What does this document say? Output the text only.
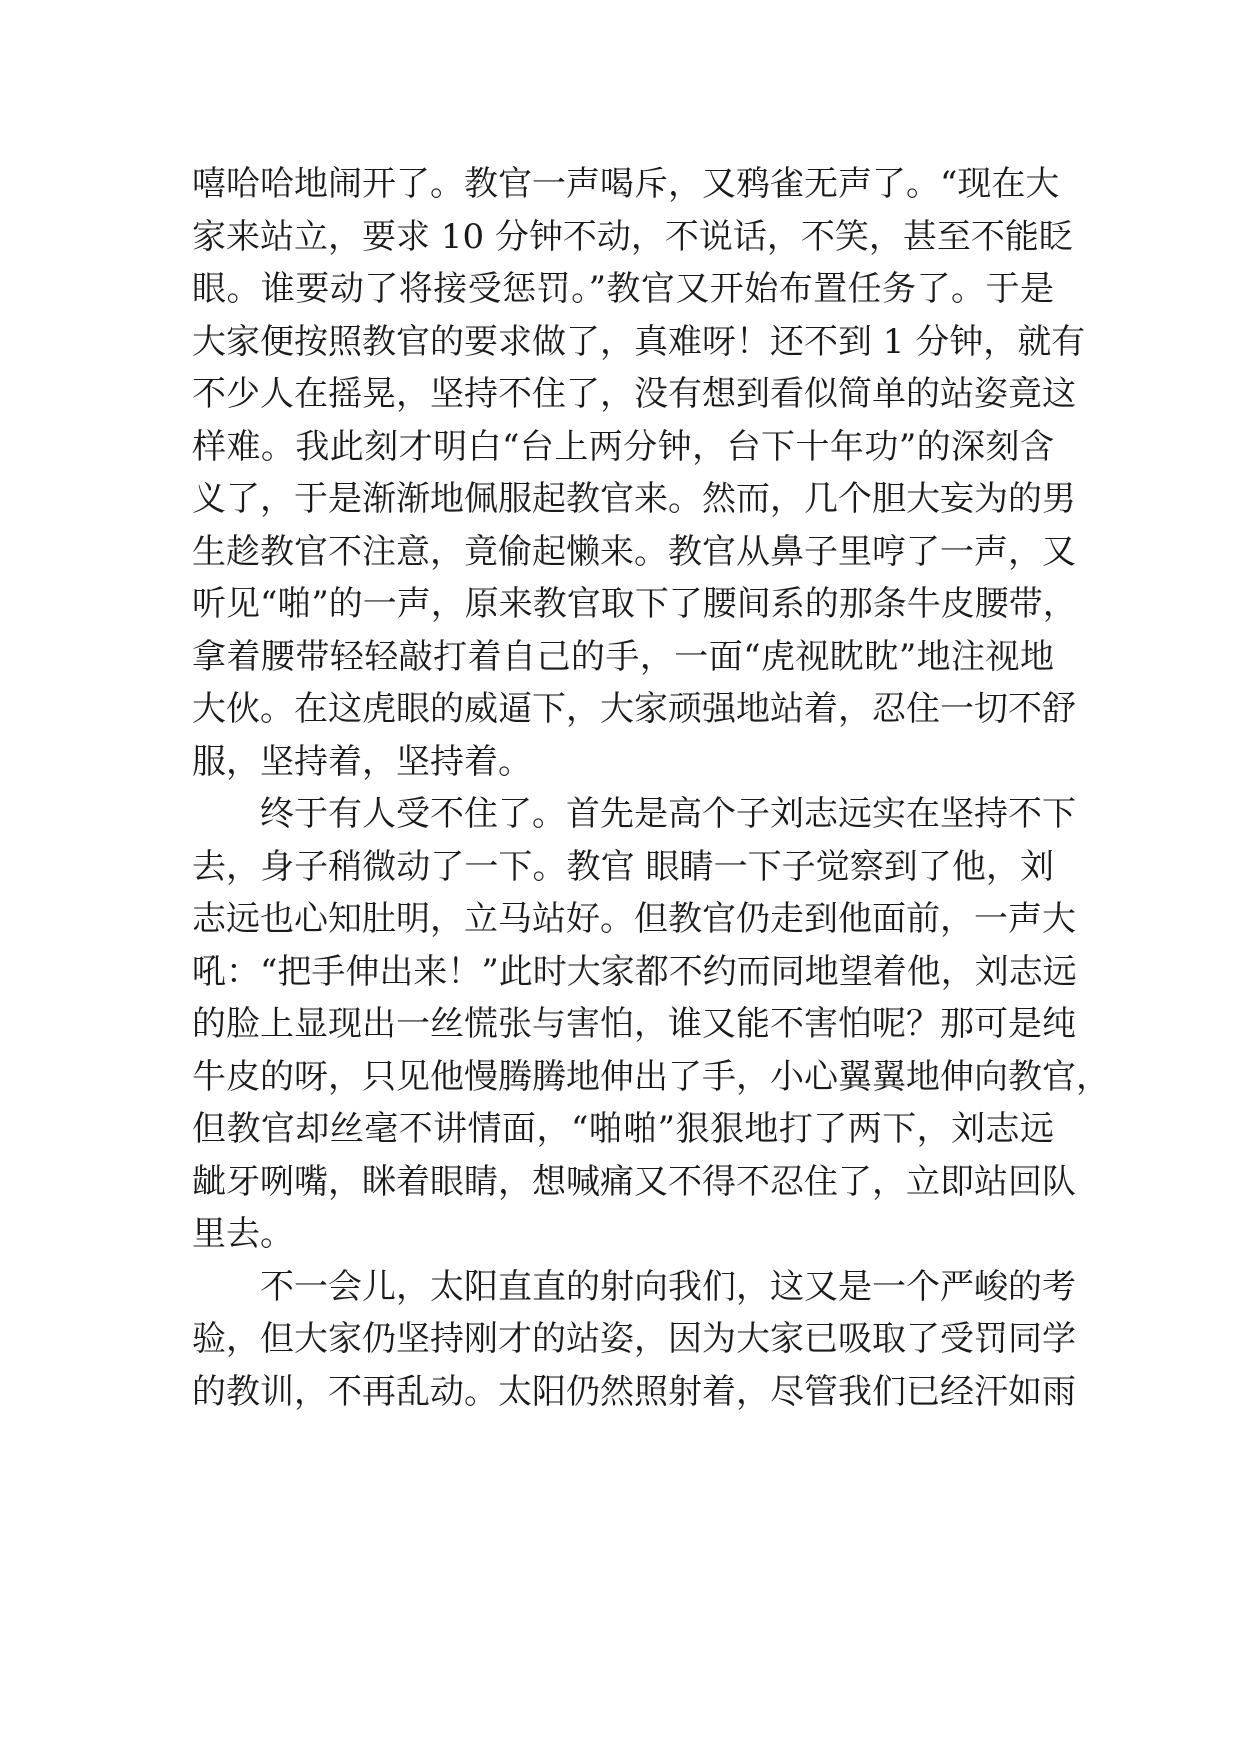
嘻哈哈地闹开了。教官一声喝斥，又鸦雀无声了。“现在大
家来站立，要求 10 分钟不动，不说话，不笑，甚至不能眨
眼。谁要动了将接受惩罚。”教官又开始布置任务了。于是
大家便按照教官的要求做了，真难呀！还不到 1 分钟，就有
不少人在摇晃，坚持不住了，没有想到看似简单的站姿竟这
样难。我此刻才明白“台上两分钟，台下十年功”的深刻含
义了，于是渐渐地佩服起教官来。然而，几个胆大妄为的男
生趁教官不注意，竟偷起懒来。教官从鼻子里哼了一声，又
听见“啪”的一声，原来教官取下了腰间系的那条牛皮腰带，
拿着腰带轻轻敲打着自己的手，一面“虎视眈眈”地注视地
大伙。在这虎眼的威逼下，大家顽强地站着，忍住一切不舒
服，坚持着，坚持着。
　　终于有人受不住了。首先是高个子刘志远实在坚持不下
去，身子稍微动了一下。教官 眼睛一下子觉察到了他，刘
志远也心知肚明，立马站好。但教官仍走到他面前，一声大
吼：“把手伸出来！”此时大家都不约而同地望着他，刘志远
的脸上显现出一丝慌张与害怕，谁又能不害怕呢？那可是纯
牛皮的呀，只见他慢腾腾地伸出了手，小心翼翼地伸向教官，
但教官却丝毫不讲情面，“啪啪”狠狠地打了两下，刘志远
龇牙咧嘴，眯着眼睛，想喊痛又不得不忍住了，立即站回队
里去。
　　不一会儿，太阳直直的射向我们，这又是一个严峻的考
验，但大家仍坚持刚才的站姿，因为大家已吸取了受罚同学
的教训，不再乱动。太阳仍然照射着，尽管我们已经汗如雨
